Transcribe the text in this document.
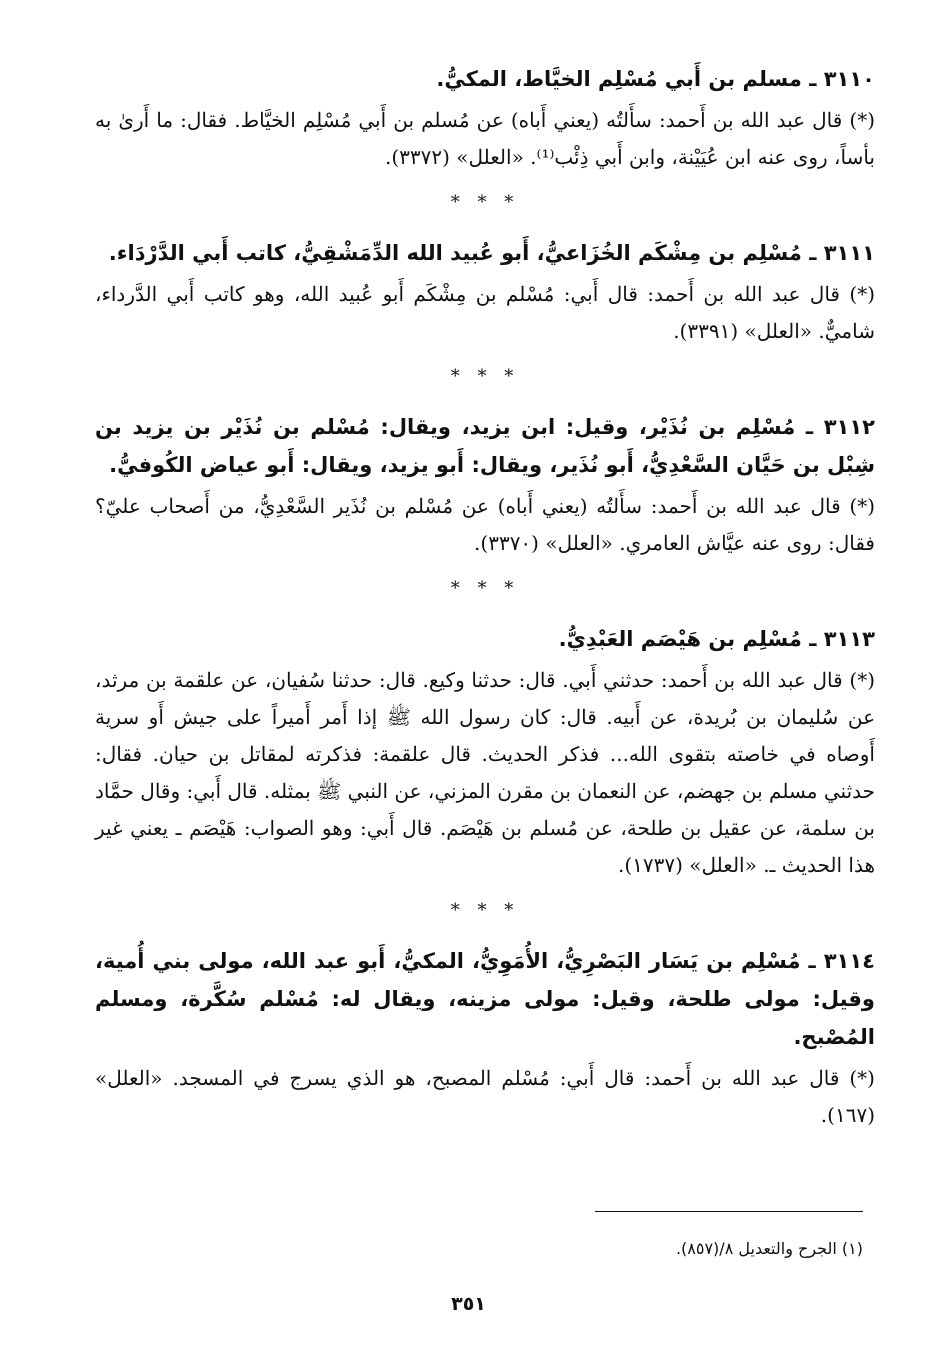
٣١١٠ ـ مسلم بن أَبي مُسْلِم الخيَّاط، المكيُّ.

(*) قال عبد الله بن أَحمد: سأَلتُه (يعني أَباه) عن مُسلم بن أَبي مُسْلِم الخيَّاط. فقال: ما أَرىٰ به بأساً، روى عنه ابن عُيَيْنة، وابن أَبي ذِئْب⁽¹⁾. «العلل» (٣٣٧٢).

* * *

٣١١١ ـ مُسْلِم بن مِشْكَم الخُزَاعيُّ، أَبو عُبيد الله الدِّمَشْقِيُّ، كاتب أَبي الدَّرْدَاء.

(*) قال عبد الله بن أَحمد: قال أَبي: مُسْلم بن مِشْكَم أَبو عُبيد الله، وهو كاتب أَبي الدَّرداء، شاميٌّ. «العلل» (٣٣٩١).

* * *

٣١١٢ ـ مُسْلِم بن نُذَيْر، وقيل: ابن يزيد، ويقال: مُسْلم بن نُذَيْر بن يزيد بن شِبْل بن حَيَّان السَّعْدِيُّ، أَبو نُذَير، ويقال: أَبو يزيد، ويقال: أَبو عياض الكُوفيُّ.

(*) قال عبد الله بن أَحمد: سأَلتُه (يعني أَباه) عن مُسْلم بن نُذَير السَّعْدِيُّ، من أَصحاب عليّ؟ فقال: روى عنه عيَّاش العامري. «العلل» (٣٣٧٠).

* * *

٣١١٣ ـ مُسْلِم بن هَيْصَم العَبْدِيُّ.

(*) قال عبد الله بن أَحمد: حدثني أَبي. قال: حدثنا وكيع. قال: حدثنا سُفيان، عن علقمة بن مرثد، عن سُليمان بن بُريدة، عن أَبيه. قال: كان رسول الله ﷺ إذا أَمر أَميراً على جيش أَو سرية أَوصاه في خاصته بتقوى الله... فذكر الحديث. قال علقمة: فذكرته لمقاتل بن حيان. فقال: حدثني مسلم بن جهضم، عن النعمان بن مقرن المزني، عن النبي ﷺ بمثله. قال أَبي: وقال حمَّاد بن سلمة، عن عقيل بن طلحة، عن مُسلم بن هَيْصَم. قال أَبي: وهو الصواب: هَيْصَم ـ يعني غير هذا الحديث ـ. «العلل» (١٧٣٧).

* * *

٣١١٤ ـ مُسْلِم بن يَسَار البَصْرِيُّ، الأُمَوِيُّ، المكيُّ، أَبو عبد الله، مولى بني أُمية، وقيل: مولى طلحة، وقيل: مولى مزينه، ويقال له: مُسْلم سُكَّرة، ومسلم المُصْبح.

(*) قال عبد الله بن أَحمد: قال أَبي: مُسْلم المصبح، هو الذي يسرج في المسجد. «العلل» (١٦٧).

(١) الجرح والتعديل ٨/(٨٥٧).
٣٥١
